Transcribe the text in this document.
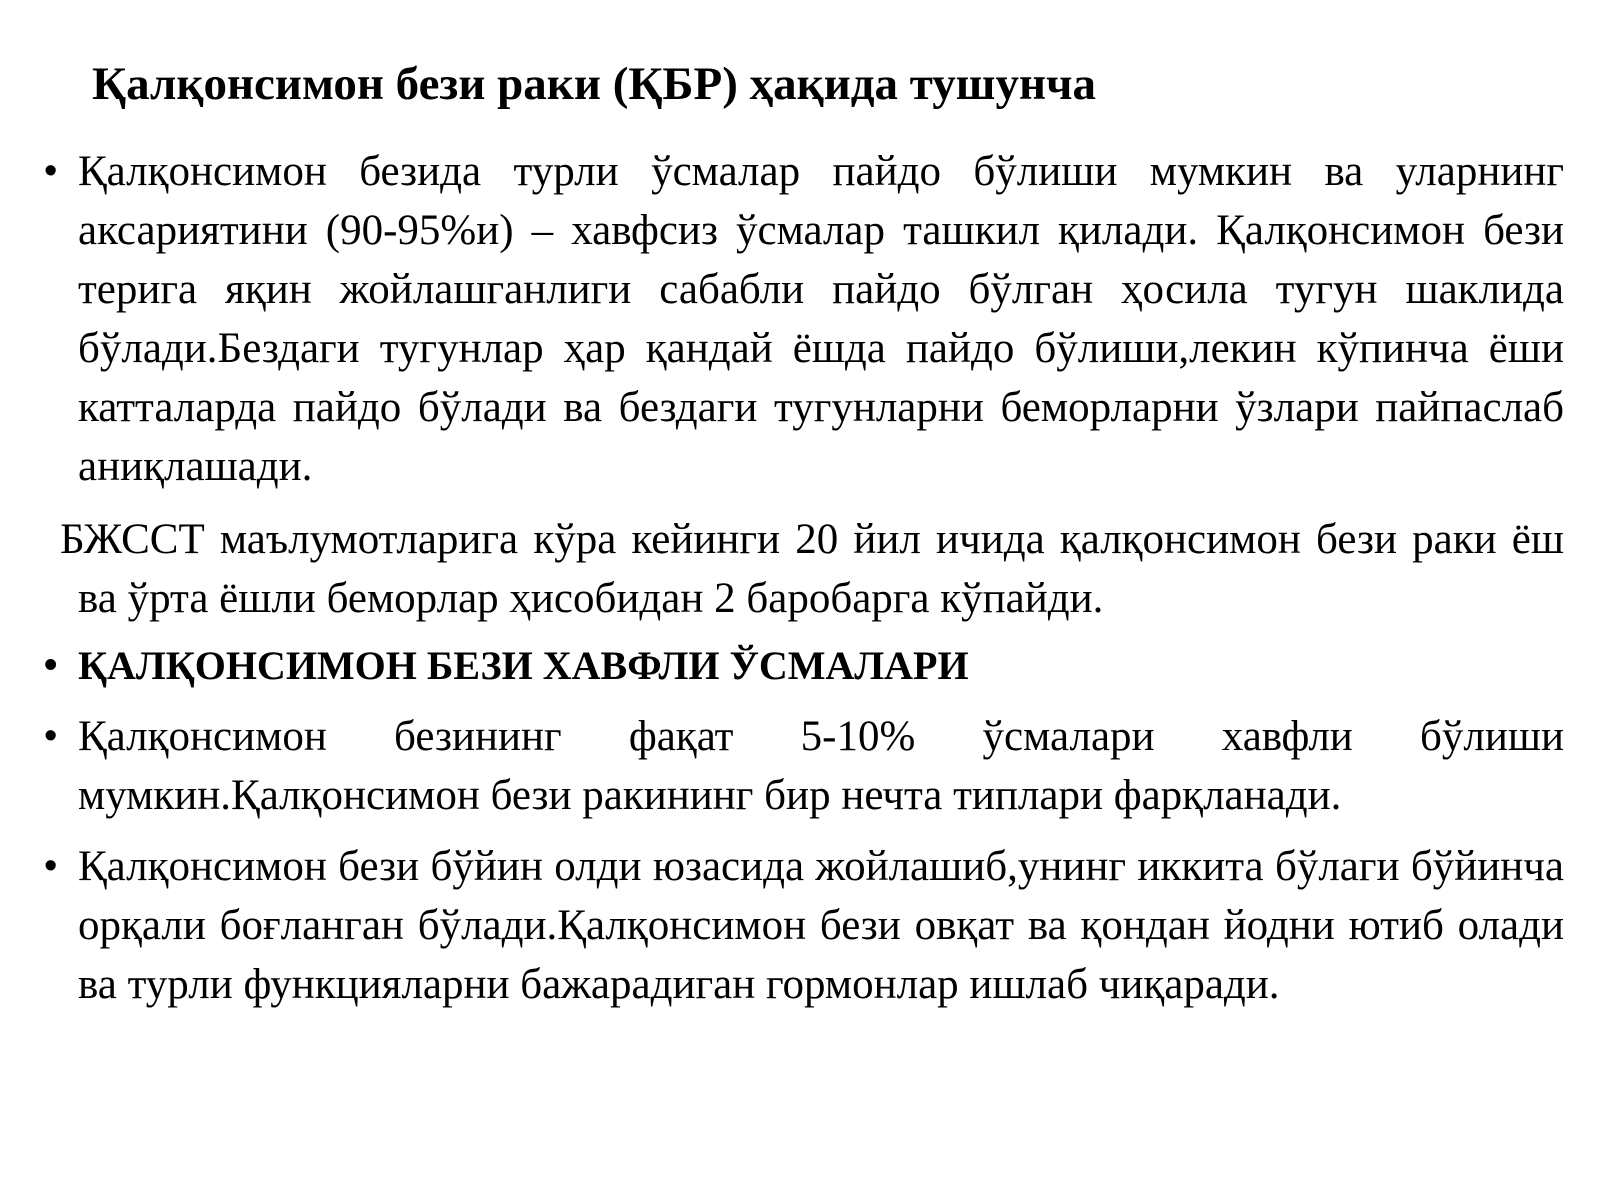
Қалқонсимон бези раки (ҚБР) ҳақида тушунча

• Қалқонсимон безида турли ўсмалар пайдо бўлиши мумкин ва уларнинг аксариятини (90-95%и) – хавфсиз ўсмалар ташкил қилади. Қалқонсимон бези терига яқин жойлашганлиги сабабли пайдо бўлган ҳосила тугун шаклида бўлади.Бездаги тугунлар ҳар қандай ёшда пайдо бўлиши,лекин кўпинча ёши катталарда пайдо бўлади ва бездаги тугунларни беморларни ўзлари пайпаслаб аниқлашади.

БЖССТ маълумотларига кўра кейинги 20 йил ичида қалқонсимон бези раки ёш ва ўрта ёшли беморлар ҳисобидан 2 баробарга кўпайди.

• ҚАЛҚОНСИМОН БЕЗИ ХАВФЛИ ЎСМАЛАРИ

• Қалқонсимон безининг фақат 5-10% ўсмалари хавфли бўлиши мумкин.Қалқонсимон бези ракининг бир нечта типлари фарқланади.

• Қалқонсимон бези бўйин олди юзасида жойлашиб,унинг иккита бўлаги бўйинча орқали боғланган бўлади.Қалқонсимон бези овқат ва қондан йодни ютиб олади ва турли функцияларни бажарадиган гормонлар ишлаб чиқаради.
